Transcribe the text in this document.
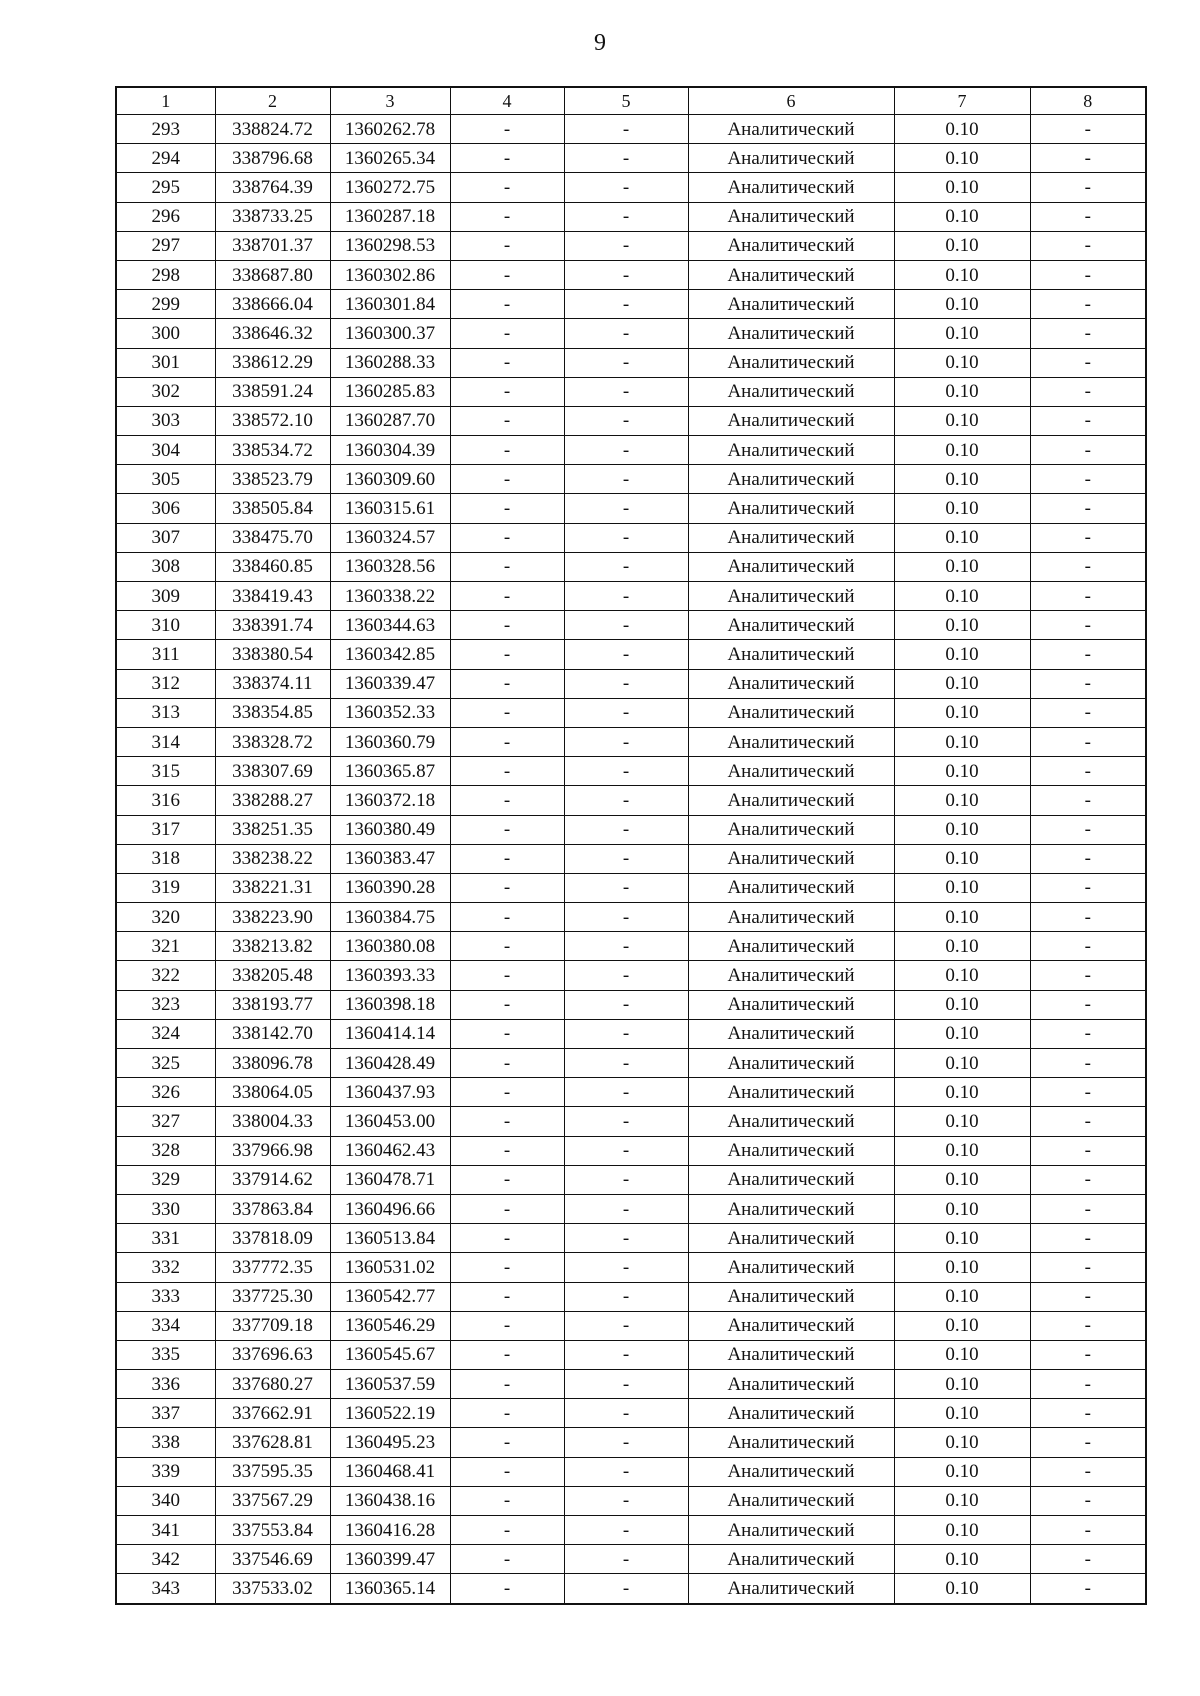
9
1	2	3	4	5	6	7	8
293	338824.72	1360262.78	-	-	Аналитический	0.10	-
294	338796.68	1360265.34	-	-	Аналитический	0.10	-
295	338764.39	1360272.75	-	-	Аналитический	0.10	-
296	338733.25	1360287.18	-	-	Аналитический	0.10	-
297	338701.37	1360298.53	-	-	Аналитический	0.10	-
298	338687.80	1360302.86	-	-	Аналитический	0.10	-
299	338666.04	1360301.84	-	-	Аналитический	0.10	-
300	338646.32	1360300.37	-	-	Аналитический	0.10	-
301	338612.29	1360288.33	-	-	Аналитический	0.10	-
302	338591.24	1360285.83	-	-	Аналитический	0.10	-
303	338572.10	1360287.70	-	-	Аналитический	0.10	-
304	338534.72	1360304.39	-	-	Аналитический	0.10	-
305	338523.79	1360309.60	-	-	Аналитический	0.10	-
306	338505.84	1360315.61	-	-	Аналитический	0.10	-
307	338475.70	1360324.57	-	-	Аналитический	0.10	-
308	338460.85	1360328.56	-	-	Аналитический	0.10	-
309	338419.43	1360338.22	-	-	Аналитический	0.10	-
310	338391.74	1360344.63	-	-	Аналитический	0.10	-
311	338380.54	1360342.85	-	-	Аналитический	0.10	-
312	338374.11	1360339.47	-	-	Аналитический	0.10	-
313	338354.85	1360352.33	-	-	Аналитический	0.10	-
314	338328.72	1360360.79	-	-	Аналитический	0.10	-
315	338307.69	1360365.87	-	-	Аналитический	0.10	-
316	338288.27	1360372.18	-	-	Аналитический	0.10	-
317	338251.35	1360380.49	-	-	Аналитический	0.10	-
318	338238.22	1360383.47	-	-	Аналитический	0.10	-
319	338221.31	1360390.28	-	-	Аналитический	0.10	-
320	338223.90	1360384.75	-	-	Аналитический	0.10	-
321	338213.82	1360380.08	-	-	Аналитический	0.10	-
322	338205.48	1360393.33	-	-	Аналитический	0.10	-
323	338193.77	1360398.18	-	-	Аналитический	0.10	-
324	338142.70	1360414.14	-	-	Аналитический	0.10	-
325	338096.78	1360428.49	-	-	Аналитический	0.10	-
326	338064.05	1360437.93	-	-	Аналитический	0.10	-
327	338004.33	1360453.00	-	-	Аналитический	0.10	-
328	337966.98	1360462.43	-	-	Аналитический	0.10	-
329	337914.62	1360478.71	-	-	Аналитический	0.10	-
330	337863.84	1360496.66	-	-	Аналитический	0.10	-
331	337818.09	1360513.84	-	-	Аналитический	0.10	-
332	337772.35	1360531.02	-	-	Аналитический	0.10	-
333	337725.30	1360542.77	-	-	Аналитический	0.10	-
334	337709.18	1360546.29	-	-	Аналитический	0.10	-
335	337696.63	1360545.67	-	-	Аналитический	0.10	-
336	337680.27	1360537.59	-	-	Аналитический	0.10	-
337	337662.91	1360522.19	-	-	Аналитический	0.10	-
338	337628.81	1360495.23	-	-	Аналитический	0.10	-
339	337595.35	1360468.41	-	-	Аналитический	0.10	-
340	337567.29	1360438.16	-	-	Аналитический	0.10	-
341	337553.84	1360416.28	-	-	Аналитический	0.10	-
342	337546.69	1360399.47	-	-	Аналитический	0.10	-
343	337533.02	1360365.14	-	-	Аналитический	0.10	-
